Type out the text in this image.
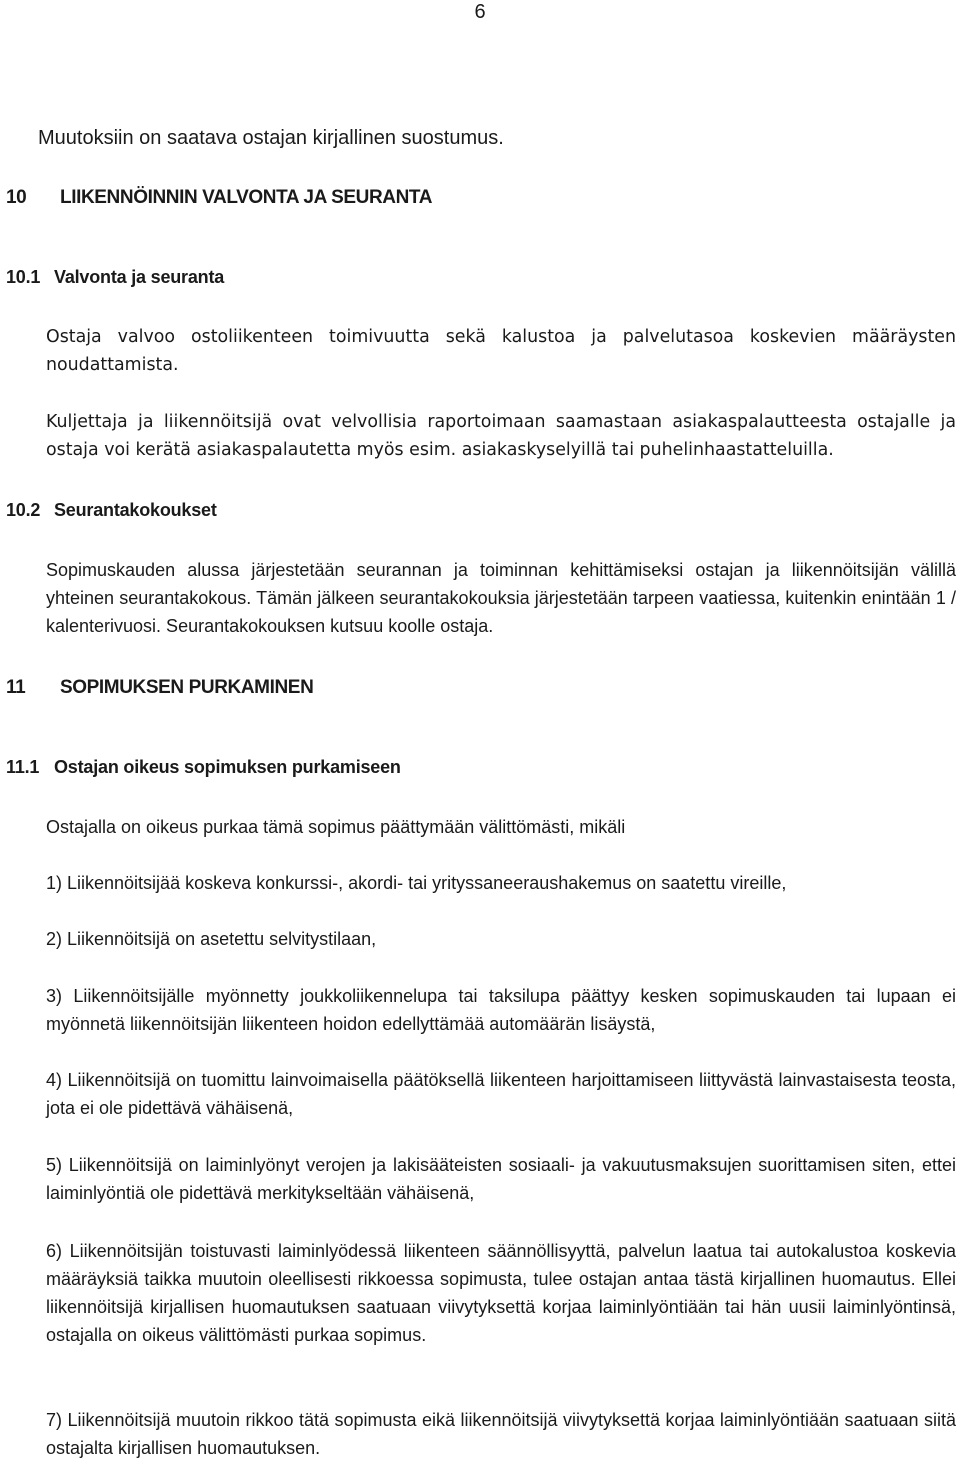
6

Muutoksiin on saatava ostajan kirjallinen suostumus.

10	LIIKENNÖINNIN VALVONTA JA SEURANTA
10.1 Valvonta ja seuranta

Ostaja valvoo ostoliikenteen toimivuutta sekä kalustoa ja palvelutasoa koskevien määräysten noudattamista.

Kuljettaja ja liikennöitsijä ovat velvollisia raportoimaan saamastaan asiakaspalautteesta ostajalle ja ostaja voi kerätä asiakaspalautetta myös esim. asiakaskyselyillä tai puhelinhaastatteluilla.

10.2 Seurantakokoukset

Sopimuskauden alussa järjestetään seurannan ja toiminnan kehittämiseksi ostajan ja liikennöitsijän välillä yhteinen seurantakokous. Tämän jälkeen seurantakokouksia järjestetään tarpeen vaatiessa, kuitenkin enintään 1 / kalenterivuosi. Seurantakokouksen kutsuu koolle ostaja.

11	SOPIMUKSEN PURKAMINEN
11.1 Ostajan oikeus sopimuksen purkamiseen

Ostajalla on oikeus purkaa tämä sopimus päättymään välittömästi, mikäli

1) Liikennöitsijää koskeva konkurssi-, akordi- tai yrityssaneeraushakemus on saatettu vireille,

2) Liikennöitsijä on asetettu selvitystilaan,

3) Liikennöitsijälle myönnetty joukkoliikennelupa tai taksilupa päättyy kesken sopimuskauden tai lupaan ei myönnetä liikennöitsijän liikenteen hoidon edellyttämää automäärän lisäystä,

4) Liikennöitsijä on tuomittu lainvoimaisella päätöksellä liikenteen harjoittamiseen liittyvästä lainvastaisesta teosta, jota ei ole pidettävä vähäisenä,

5) Liikennöitsijä on laiminlyönyt verojen ja lakisääteisten sosiaali- ja vakuutusmaksujen suorittamisen siten, ettei laiminlyöntiä ole pidettävä merkitykseltään vähäisenä,

6) Liikennöitsijän toistuvasti laiminlyödessä liikenteen säännöllisyyttä, palvelun laatua tai autokalustoa koskevia määräyksiä taikka muutoin oleellisesti rikkoessa sopimusta, tulee ostajan antaa tästä kirjallinen huomautus. Ellei liikennöitsijä kirjallisen huomautuksen saatuaan viivytyksettä korjaa laiminlyöntiään tai hän uusii laiminlyöntinsä, ostajalla on oikeus välittömästi purkaa sopimus.

7) Liikennöitsijä muutoin rikkoo tätä sopimusta eikä liikennöitsijä viivytyksettä korjaa laiminlyöntiään saatuaan siitä ostajalta kirjallisen huomautuksen.
